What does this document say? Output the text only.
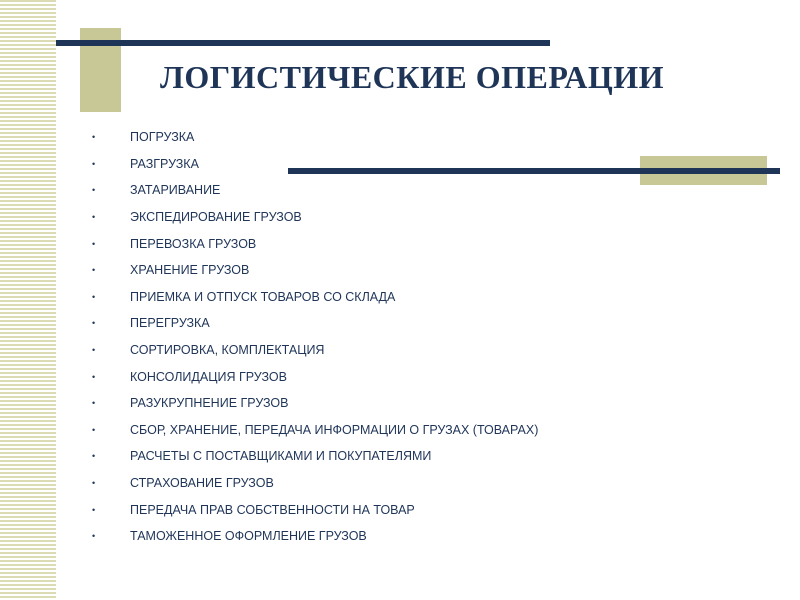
ЛОГИСТИЧЕСКИЕ ОПЕРАЦИИ
•	ПОГРУЗКА
•	РАЗГРУЗКА
•	ЗАТАРИВАНИЕ
•	ЭКСПЕДИРОВАНИЕ ГРУЗОВ
•	ПЕРЕВОЗКА ГРУЗОВ
•	ХРАНЕНИЕ ГРУЗОВ
•	ПРИЕМКА И ОТПУСК ТОВАРОВ СО СКЛАДА
•	ПЕРЕГРУЗКА
•	СОРТИРОВКА, КОМПЛЕКТАЦИЯ
•	КОНСОЛИДАЦИЯ ГРУЗОВ
•	РАЗУКРУПНЕНИЕ ГРУЗОВ
•	СБОР, ХРАНЕНИЕ, ПЕРЕДАЧА ИНФОРМАЦИИ О ГРУЗАХ (ТОВАРАХ)
•	РАСЧЕТЫ С ПОСТАВЩИКАМИ И ПОКУПАТЕЛЯМИ
•	СТРАХОВАНИЕ ГРУЗОВ
•	ПЕРЕДАЧА ПРАВ СОБСТВЕННОСТИ НА ТОВАР
•	ТАМОЖЕННОЕ ОФОРМЛЕНИЕ ГРУЗОВ
